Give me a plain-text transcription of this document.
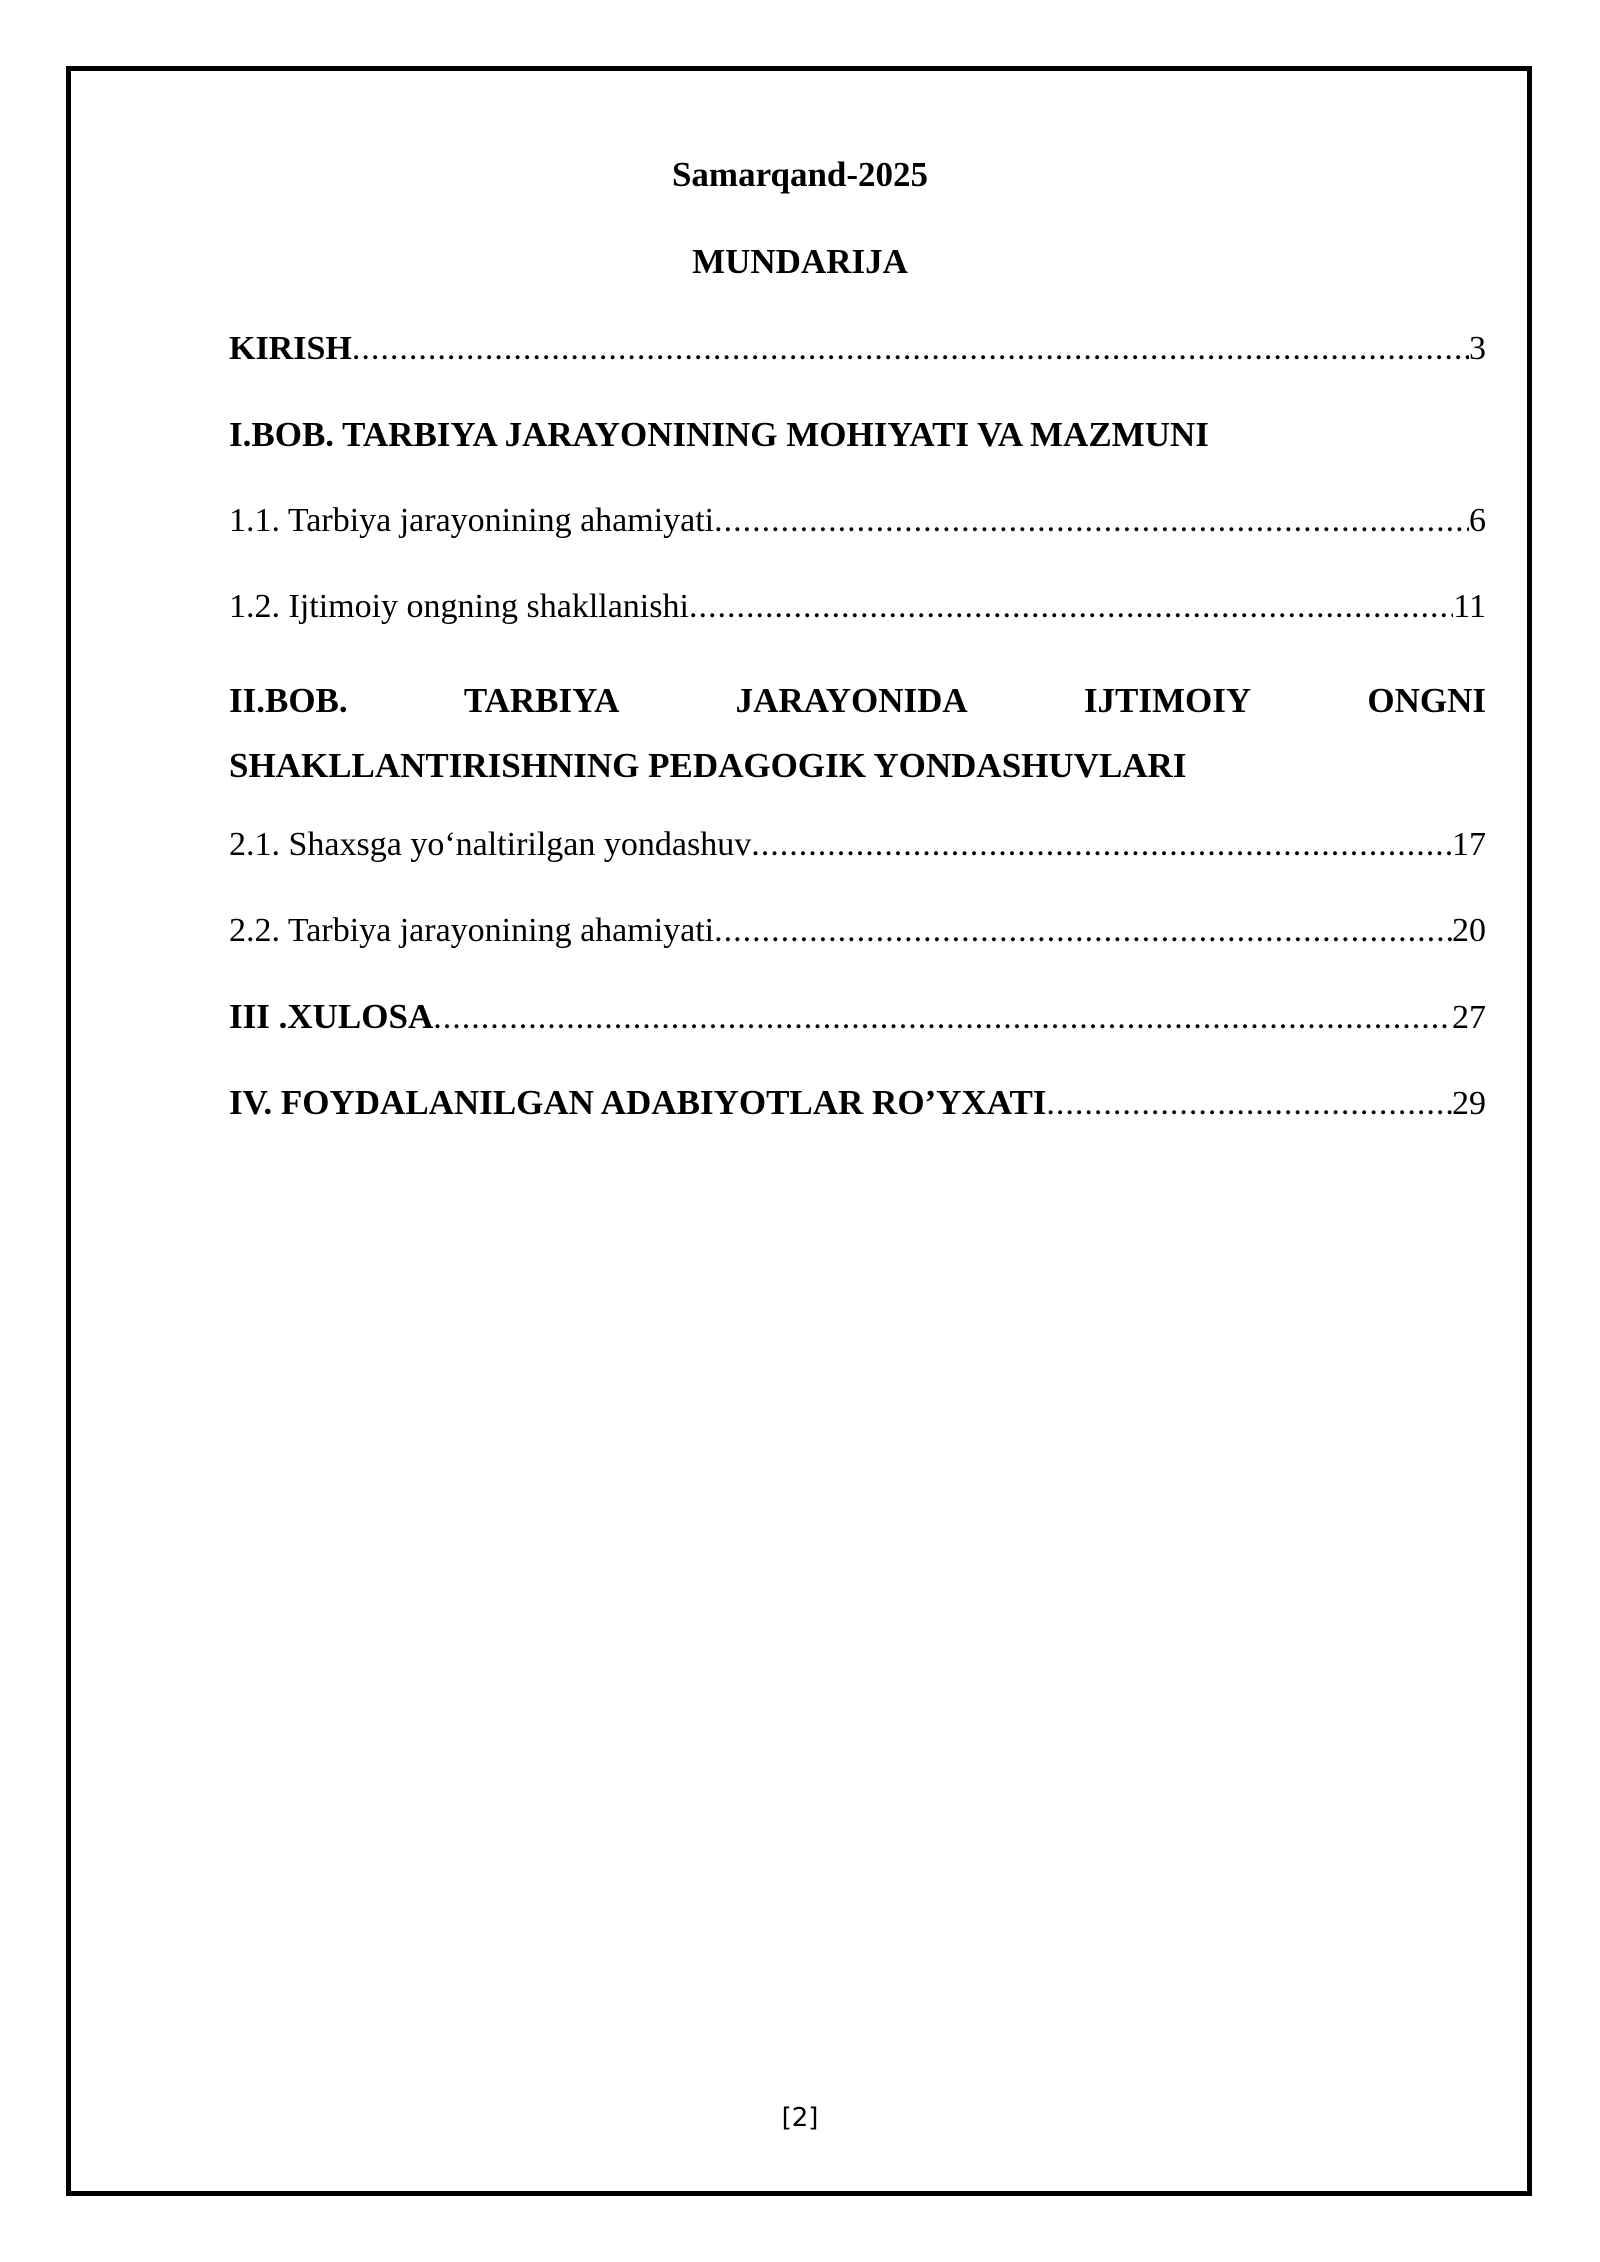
Samarqand-2025
MUNDARIJA
KIRISH .....	3
I.BOB. TARBIYA JARAYONINING MOHIYATI VA MAZMUNI
1.1. Tarbiya jarayonining ahamiyati .....	6
1.2. Ijtimoiy ongning shakllanishi .....	11
II.BOB.	TARBIYA	JARAYONIDA	IJTIMOIY	ONGNI
SHAKLLANTIRISHNING PEDAGOGIK YONDASHUVLARI
2.1. Shaxsga yo‘naltirilgan yondashuv .....	17
2.2. Tarbiya jarayonining ahamiyati .....	20
III .XULOSA .....	27
IV. FOYDALANILGAN ADABIYOTLAR RO’YXATI .....	29
[2]
